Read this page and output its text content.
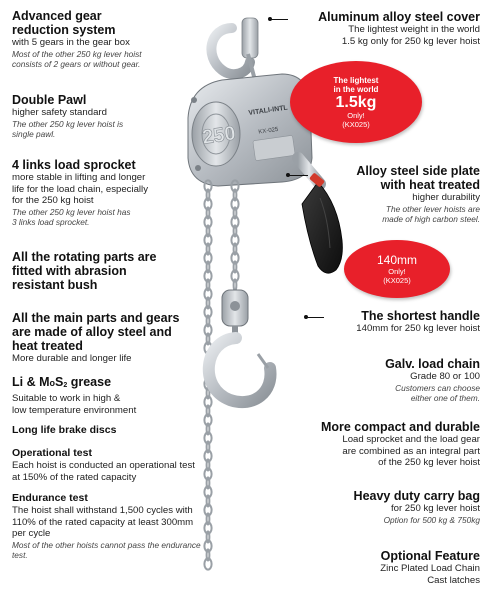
250
VITALI-INTL
KX-025
Advanced gear
reduction system
with 5 gears in the gear box
Most of the other 250 kg lever hoist
consists of 2 gears or without gear.
Double Pawl
higher safety standard
The other 250 kg lever hoist is
single pawl.
4 links load sprocket
more stable in lifting and longer
life for the load chain, especially
for the 250 kg hoist
The other 250 kg lever hoist has
3 links load sprocket.
All the rotating parts are
fitted with abrasion
resistant bush
All the main parts and gears
are made of alloy steel and
heat treated
More durable and longer life
Li & MoS2 grease
Suitable to work in high &
low temperature environment
Long life brake discs
Operational test
Each hoist is conducted an operational test
at 150% of the rated capacity
Endurance test
The hoist shall withstand 1,500 cycles with
110% of the rated capacity at least 300mm
per cycle
Most of the other hoists cannot pass the endurance
test.
Aluminum alloy steel cover
The lightest weight in the world
1.5 kg only for 250 kg lever hoist
The lightest
in the world
1.5kg
Only!
(KX025)
Alloy steel side plate
with heat treated
higher durability
The other lever hoists are
made of high carbon steel.
140mm
Only!
(KX025)
The shortest handle
140mm for 250 kg lever hoist
Galv. load chain
Grade 80 or 100
Customers can choose
either one of them.
More compact and durable
Load sprocket and the load gear
are combined as an integral part
of the 250 kg lever hoist
Heavy duty carry bag
for 250 kg lever hoist
Option for 500 kg & 750kg
Optional Feature
Zinc Plated Load Chain
Cast latches
